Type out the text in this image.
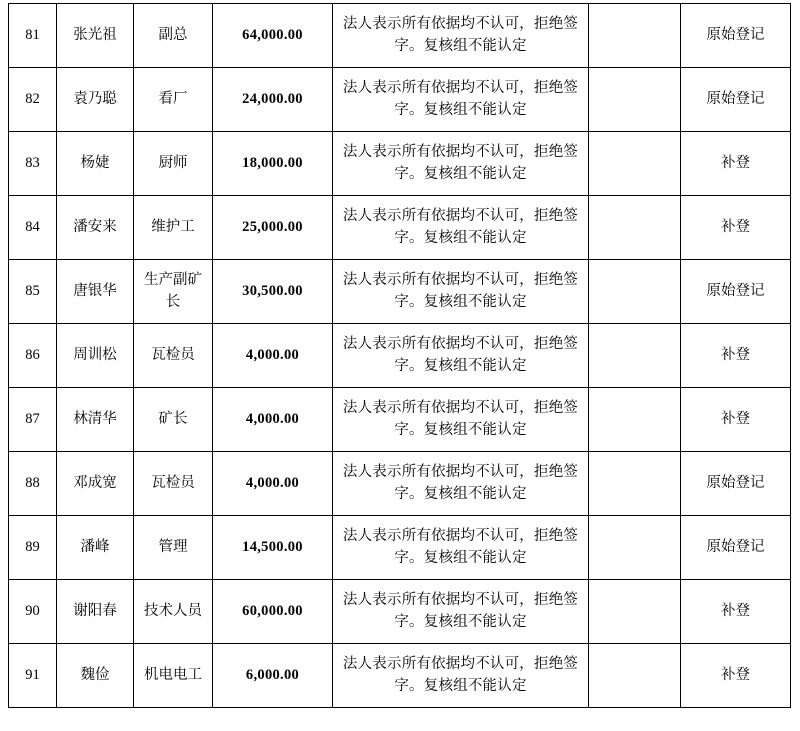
81	张光祖	副总	64,000.00	法人表示所有依据均不认可，拒绝签字。复核组不能认定		原始登记
82	袁乃聪	看厂	24,000.00	法人表示所有依据均不认可，拒绝签字。复核组不能认定		原始登记
83	杨婕	厨师	18,000.00	法人表示所有依据均不认可，拒绝签字。复核组不能认定		补登
84	潘安来	维护工	25,000.00	法人表示所有依据均不认可，拒绝签字。复核组不能认定		补登
85	唐银华	生产副矿长	30,500.00	法人表示所有依据均不认可，拒绝签字。复核组不能认定		原始登记
86	周训松	瓦检员	4,000.00	法人表示所有依据均不认可，拒绝签字。复核组不能认定		补登
87	林清华	矿长	4,000.00	法人表示所有依据均不认可，拒绝签字。复核组不能认定		补登
88	邓成宽	瓦检员	4,000.00	法人表示所有依据均不认可，拒绝签字。复核组不能认定		原始登记
89	潘峰	管理	14,500.00	法人表示所有依据均不认可，拒绝签字。复核组不能认定		原始登记
90	谢阳春	技术人员	60,000.00	法人表示所有依据均不认可，拒绝签字。复核组不能认定		补登
91	魏俭	机电电工	6,000.00	法人表示所有依据均不认可，拒绝签字。复核组不能认定		补登
